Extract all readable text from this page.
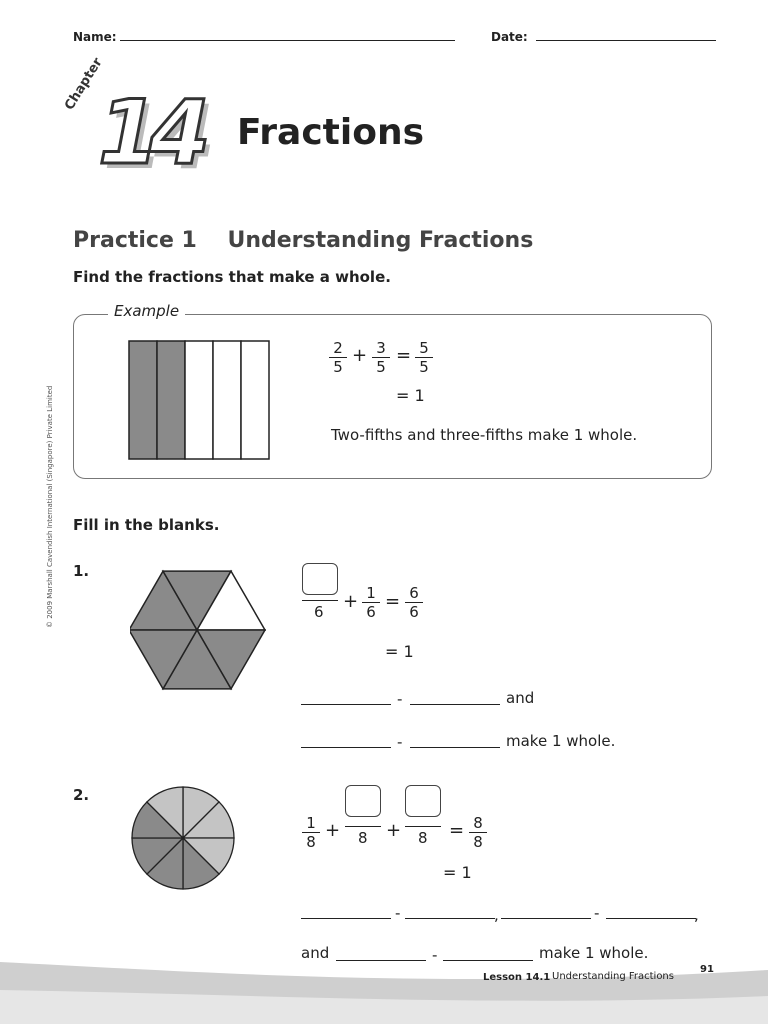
Name:	Date:
Chapter
14 Fractions
Practice 1    Understanding Fractions
Find the fractions that make a whole.
Example
2
5
+ 3
5
= 5
5
= 1
Two-fifths and three-fifths make 1 whole.
Fill in the blanks.
1.
6 + 1
6 = 6
6
= 1
-	and
-	make 1 whole.
2.
1
8
+ 8 + 8 = 8
8
= 1
-	,	-	,
and	-	make 1 whole.
© 2009 Marshall Cavendish International (Singapore) Private Limited
Lesson 14.1 Understanding Fractions
91
